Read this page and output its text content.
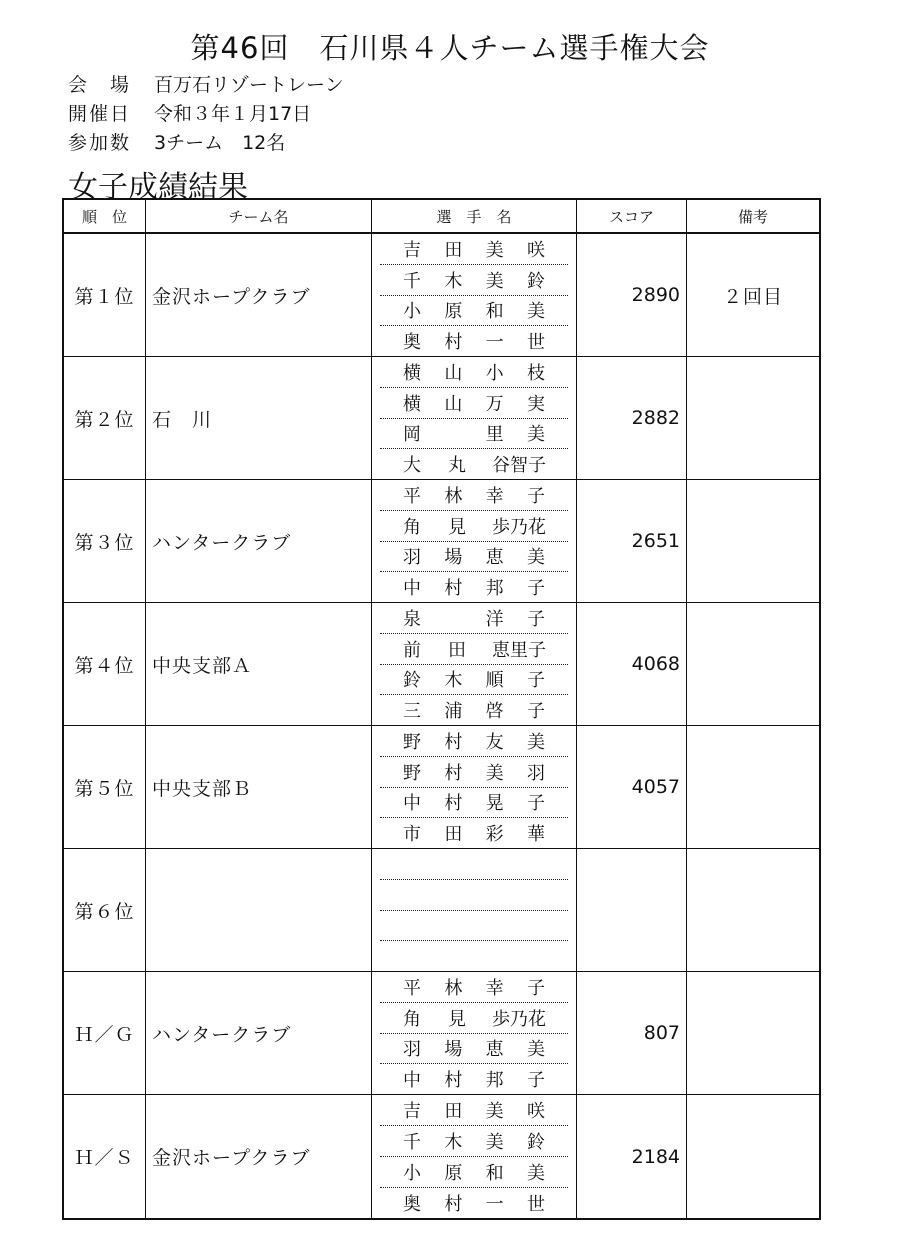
第46回　石川県４人チーム選手権大会
会　場 百万石リゾートレーン
開催日 令和３年１月17日
参加数 3チーム　12名
女子成績結果
順　位	チーム名	選　手　名	スコア	備考
第１位 金沢ホープクラブ
吉 田 美 咲
千 木 美 鈴
小 原 和 美
奥 村 一 世
2890	２回目
第２位 石　川
横 山 小 枝
横 山 万 実
岡	里 美
大 丸 谷智子
2882
第３位 ハンタークラブ
平 林 幸 子
角 見 歩乃花
羽 場 恵 美
中 村 邦 子
2651
第４位 中央支部Ａ
泉	洋 子
前 田 恵里子
鈴 木 順 子
三 浦 啓 子
4068
第５位 中央支部Ｂ
野 村 友 美
野 村 美 羽
中 村 晃 子
市 田 彩 華
4057
第６位
Ｈ／Ｇ ハンタークラブ
平 林 幸 子
角 見 歩乃花
羽 場 恵 美
中 村 邦 子
807
Ｈ／Ｓ 金沢ホープクラブ
吉 田 美 咲
千 木 美 鈴
小 原 和 美
奥 村 一 世
2184
